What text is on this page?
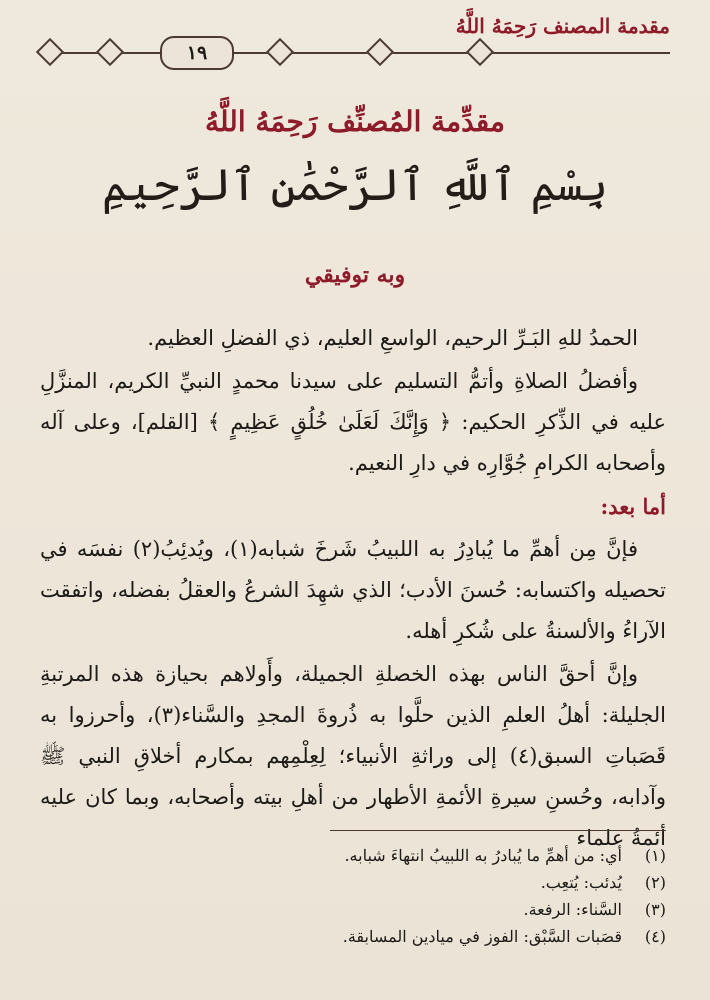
مقدمة المصنف رَحِمَهُ اللَّهُ
١٩
مقدِّمة المُصنِّف رَحِمَهُ اللَّهُ
بِسْمِ ٱللَّهِ ٱلرَّحْمَٰنِ ٱلرَّحِيمِ
وبه توفيقي

الحمدُ للهِ البَـرِّ الرحيم، الواسعِ العليم، ذي الفضلِ العظيم.

وأفضلُ الصلاةِ وأتمُّ التسليم على سيدنا محمدٍ النبيِّ الكريم، المنزَّلِ عليه في الذِّكرِ الحكيم: ﴿ وَإِنَّكَ لَعَلَىٰ خُلُقٍ عَظِيمٍ ﴾ [القلم]، وعلى آله وأصحابه الكرامِ جُوَّارِه في دارِ النعيم.

أما بعد:

فإنَّ مِن أهمِّ ما يُبادِرُ به اللبيبُ شَرخَ شبابه(١)، ويُدئِبُ(٢) نفسَه في تحصيله واكتسابه: حُسنَ الأدب؛ الذي شهِدَ الشرعُ والعقلُ بفضله، واتفقت الآراءُ والألسنةُ على شُكرِ أهله.

وإنَّ أحقَّ الناس بهذه الخصلةِ الجميلة، وأَولاهم بحيازة هذه المرتبةِ الجليلة: أهلُ العلمِ الذين حلَّوا به ذُروةَ المجدِ والسَّناء(٣)، وأحرزوا به قَصَباتِ السبق(٤) إلى وراثةِ الأنبياء؛ لِعِلْمِهم بمكارم أخلاقِ النبي ﷺ وآدابه، وحُسنِ سيرةِ الأئمةِ الأطهار من أهلِ بيته وأصحابه، وبما كان عليه أئمةُ علماء

(١)
أي: من أهمِّ ما يُبادرُ به اللبيبُ انتهاءَ شبابه.
(٢)
يُدئب: يُتعِب.
(٣)
السَّناء: الرفعة.
(٤)
قصَبات السَّبْق: الفوز في ميادين المسابقة.
